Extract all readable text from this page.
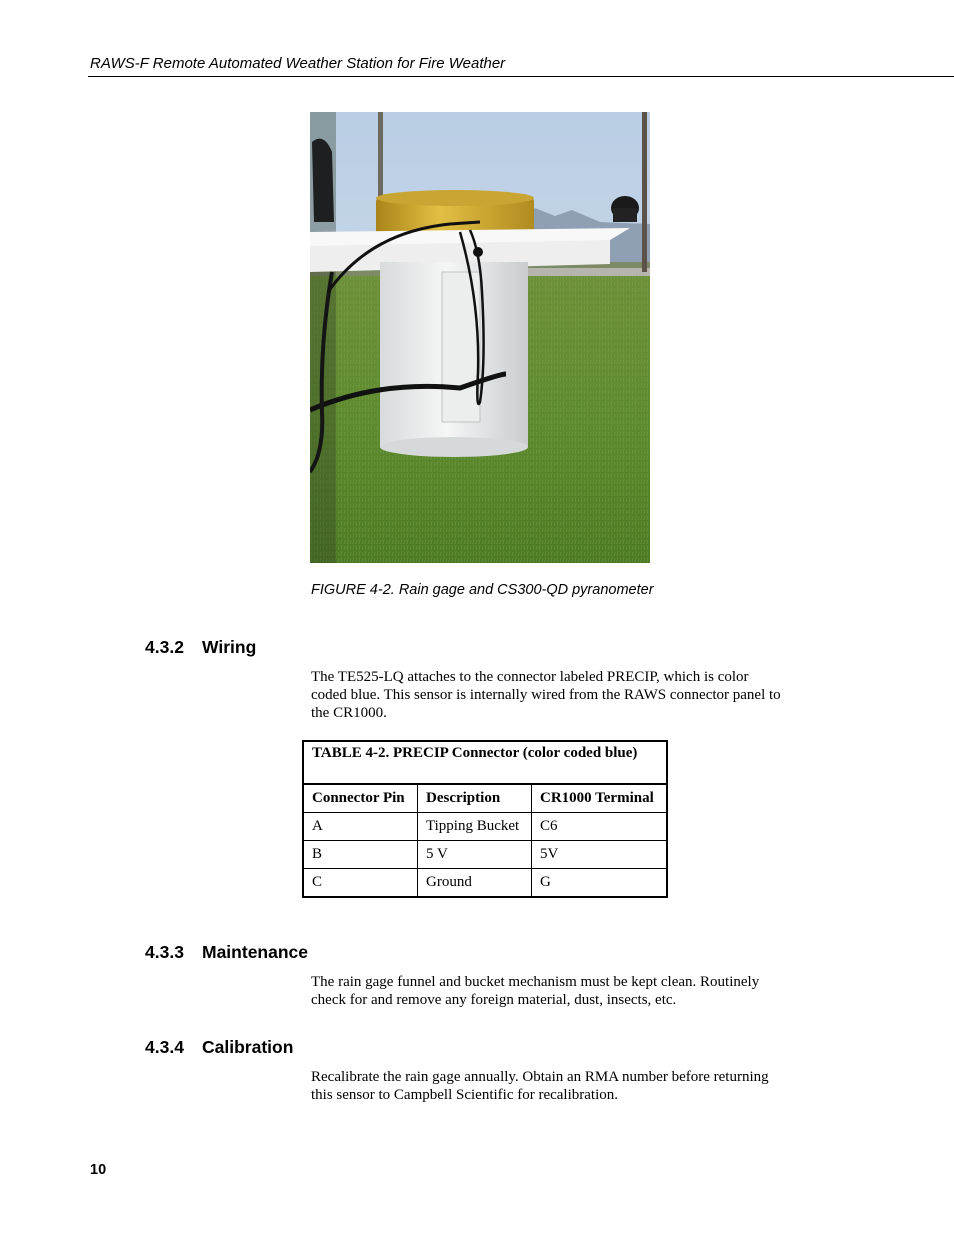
RAWS-F Remote Automated Weather Station for Fire Weather
FIGURE 4-2. Rain gage and CS300-QD pyranometer
4.3.2 Wiring
The TE525-LQ attaches to the connector labeled PRECIP, which is color
coded blue. This sensor is internally wired from the RAWS connector panel to
the CR1000.
TABLE 4-2. PRECIP Connector (color coded blue)		
Connector Pin	Description	CR1000 Terminal
A	Tipping Bucket	C6
B	5 V	5V
C	Ground	G
4.3.3 Maintenance
The rain gage funnel and bucket mechanism must be kept clean. Routinely
check for and remove any foreign material, dust, insects, etc.
4.3.4 Calibration
Recalibrate the rain gage annually. Obtain an RMA number before returning
this sensor to Campbell Scientific for recalibration.
10
